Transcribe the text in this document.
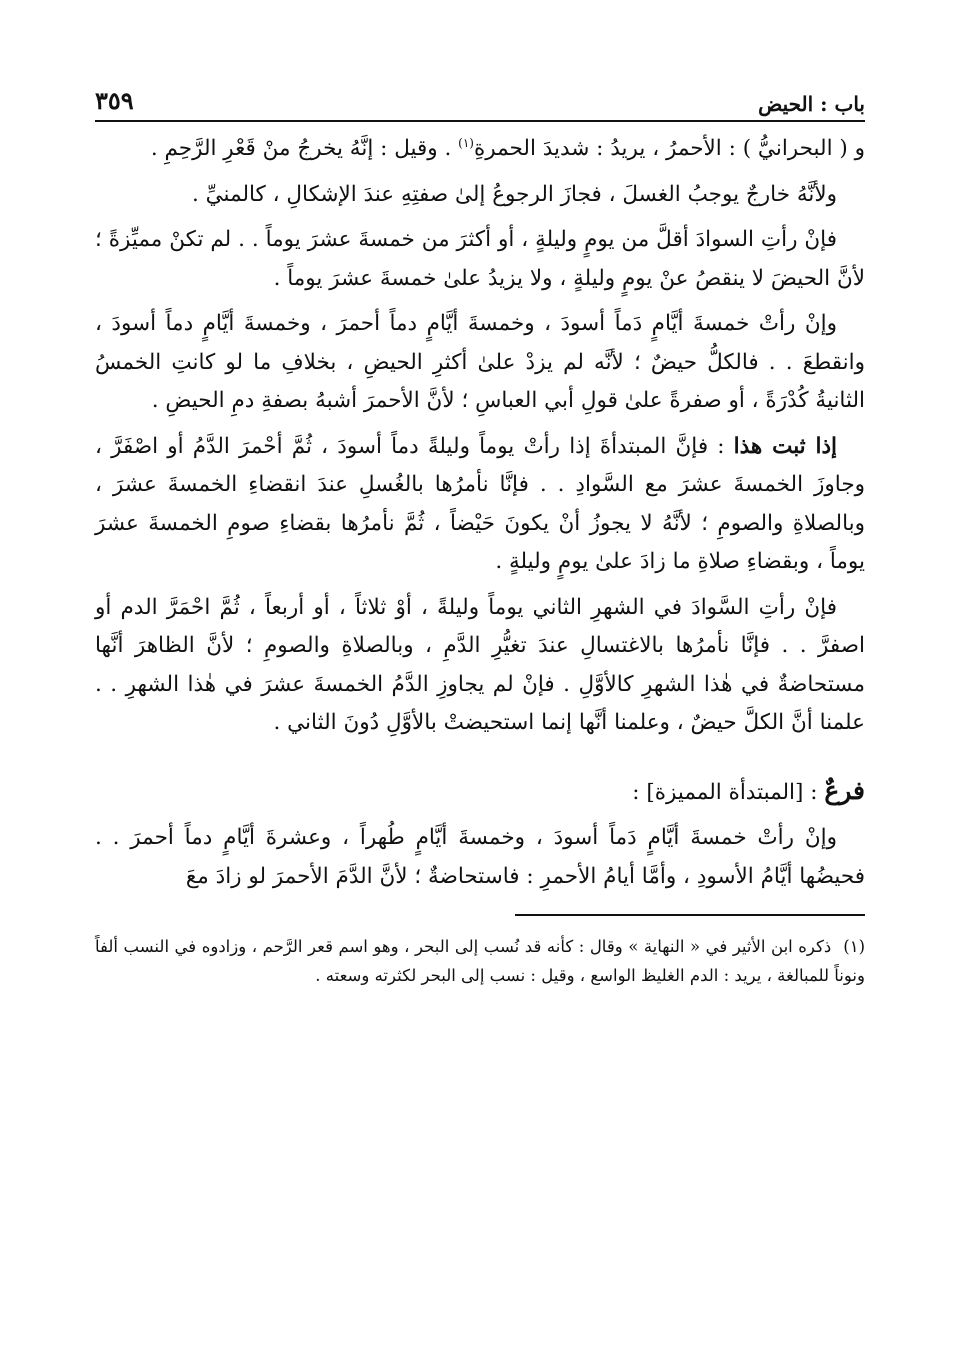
باب : الحيض
٣٥٩

و ( البحرانيُّ ) : الأحمرُ ، يريدُ : شديدَ الحمرةِ$^{(١)}$ . وقيل : إنَّهُ يخرجُ منْ قَعْرِ الرَّحِمِ .

ولأنَّهُ خارجٌ يوجبُ الغسلَ ، فجازَ الرجوعُ إلىٰ صفتِهِ عندَ الإشكالِ ، كالمنيِّ .

فإنْ رأتِ السوادَ أقلَّ من يومٍ وليلةٍ ، أو أكثرَ من خمسةَ عشرَ يوماً . . لم تكنْ مميِّزةً ؛ لأنَّ الحيضَ لا ينقصُ عنْ يومٍ وليلةٍ ، ولا يزيدُ علىٰ خمسةَ عشرَ يوماً .

وإنْ رأتْ خمسةَ أيَّامٍ دَماً أسودَ ، وخمسةَ أيَّامٍ دماً أحمرَ ، وخمسةَ أيَّامٍ دماً أسودَ ، وانقطعَ . . فالكلُّ حيضٌ ؛ لأنَّه لم يزدْ علىٰ أكثرِ الحيضِ ، بخلافِ ما لو كانتِ الخمسُ الثانيةُ كُدْرَةً ، أو صفرةً علىٰ قولِ أبي العباسِ ؛ لأنَّ الأحمرَ أشبهُ بصفةِ دمِ الحيضِ .

إذا ثبت هذا : فإنَّ المبتدأةَ إذا رأتْ يوماً وليلةً دماً أسودَ ، ثُمَّ أحْمرَ الدَّمُ أو اصْفَرَّ ، وجاوزَ الخمسةَ عشرَ مع السَّوادِ . . فإنَّا نأمرُها بالغُسلِ عندَ انقضاءِ الخمسةَ عشرَ ، وبالصلاةِ والصومِ ؛ لأنَّهُ لا يجوزُ أنْ يكونَ حَيْضاً ، ثُمَّ نأمرُها بقضاءِ صومِ الخمسةَ عشرَ يوماً ، وبقضاءِ صلاةِ ما زادَ علىٰ يومٍ وليلةٍ .

فإنْ رأتِ السَّوادَ في الشهرِ الثاني يوماً وليلةً ، أوْ ثلاثاً ، أو أربعاً ، ثُمَّ احْمَرَّ الدم أو اصفرَّ . . فإنَّا نأمرُها بالاغتسالِ عندَ تغيُّرِ الدَّمِ ، وبالصلاةِ والصومِ ؛ لأنَّ الظاهرَ أنَّها مستحاضةٌ في هٰذا الشهرِ كالأوَّلِ . فإنْ لم يجاوزِ الدَّمُ الخمسةَ عشرَ في هٰذا الشهرِ . . علمنا أنَّ الكلَّ حيضٌ ، وعلمنا أنَّها إنما استحيضتْ بالأوَّلِ دُونَ الثاني .

فرعٌ : [المبتدأة المميزة] :

وإنْ رأتْ خمسةَ أيَّامٍ دَماً أسودَ ، وخمسةَ أيَّامٍ طُهراً ، وعشرةَ أيَّامٍ دماً أحمرَ . . فحيضُها أيَّامُ الأسودِ ، وأمَّا أيامُ الأحمرِ : فاستحاضةٌ ؛ لأنَّ الدَّمَ الأحمرَ لو زادَ معَ

(١)ذكره ابن الأثير في « النهاية » وقال : كأنه قد نُسب إلى البحر ، وهو اسم قعر الرَّحم ، وزادوه في النسب ألفاً ونوناً للمبالغة ، يريد : الدم الغليظ الواسع ، وقيل : نسب إلى البحر لكثرته وسعته .
